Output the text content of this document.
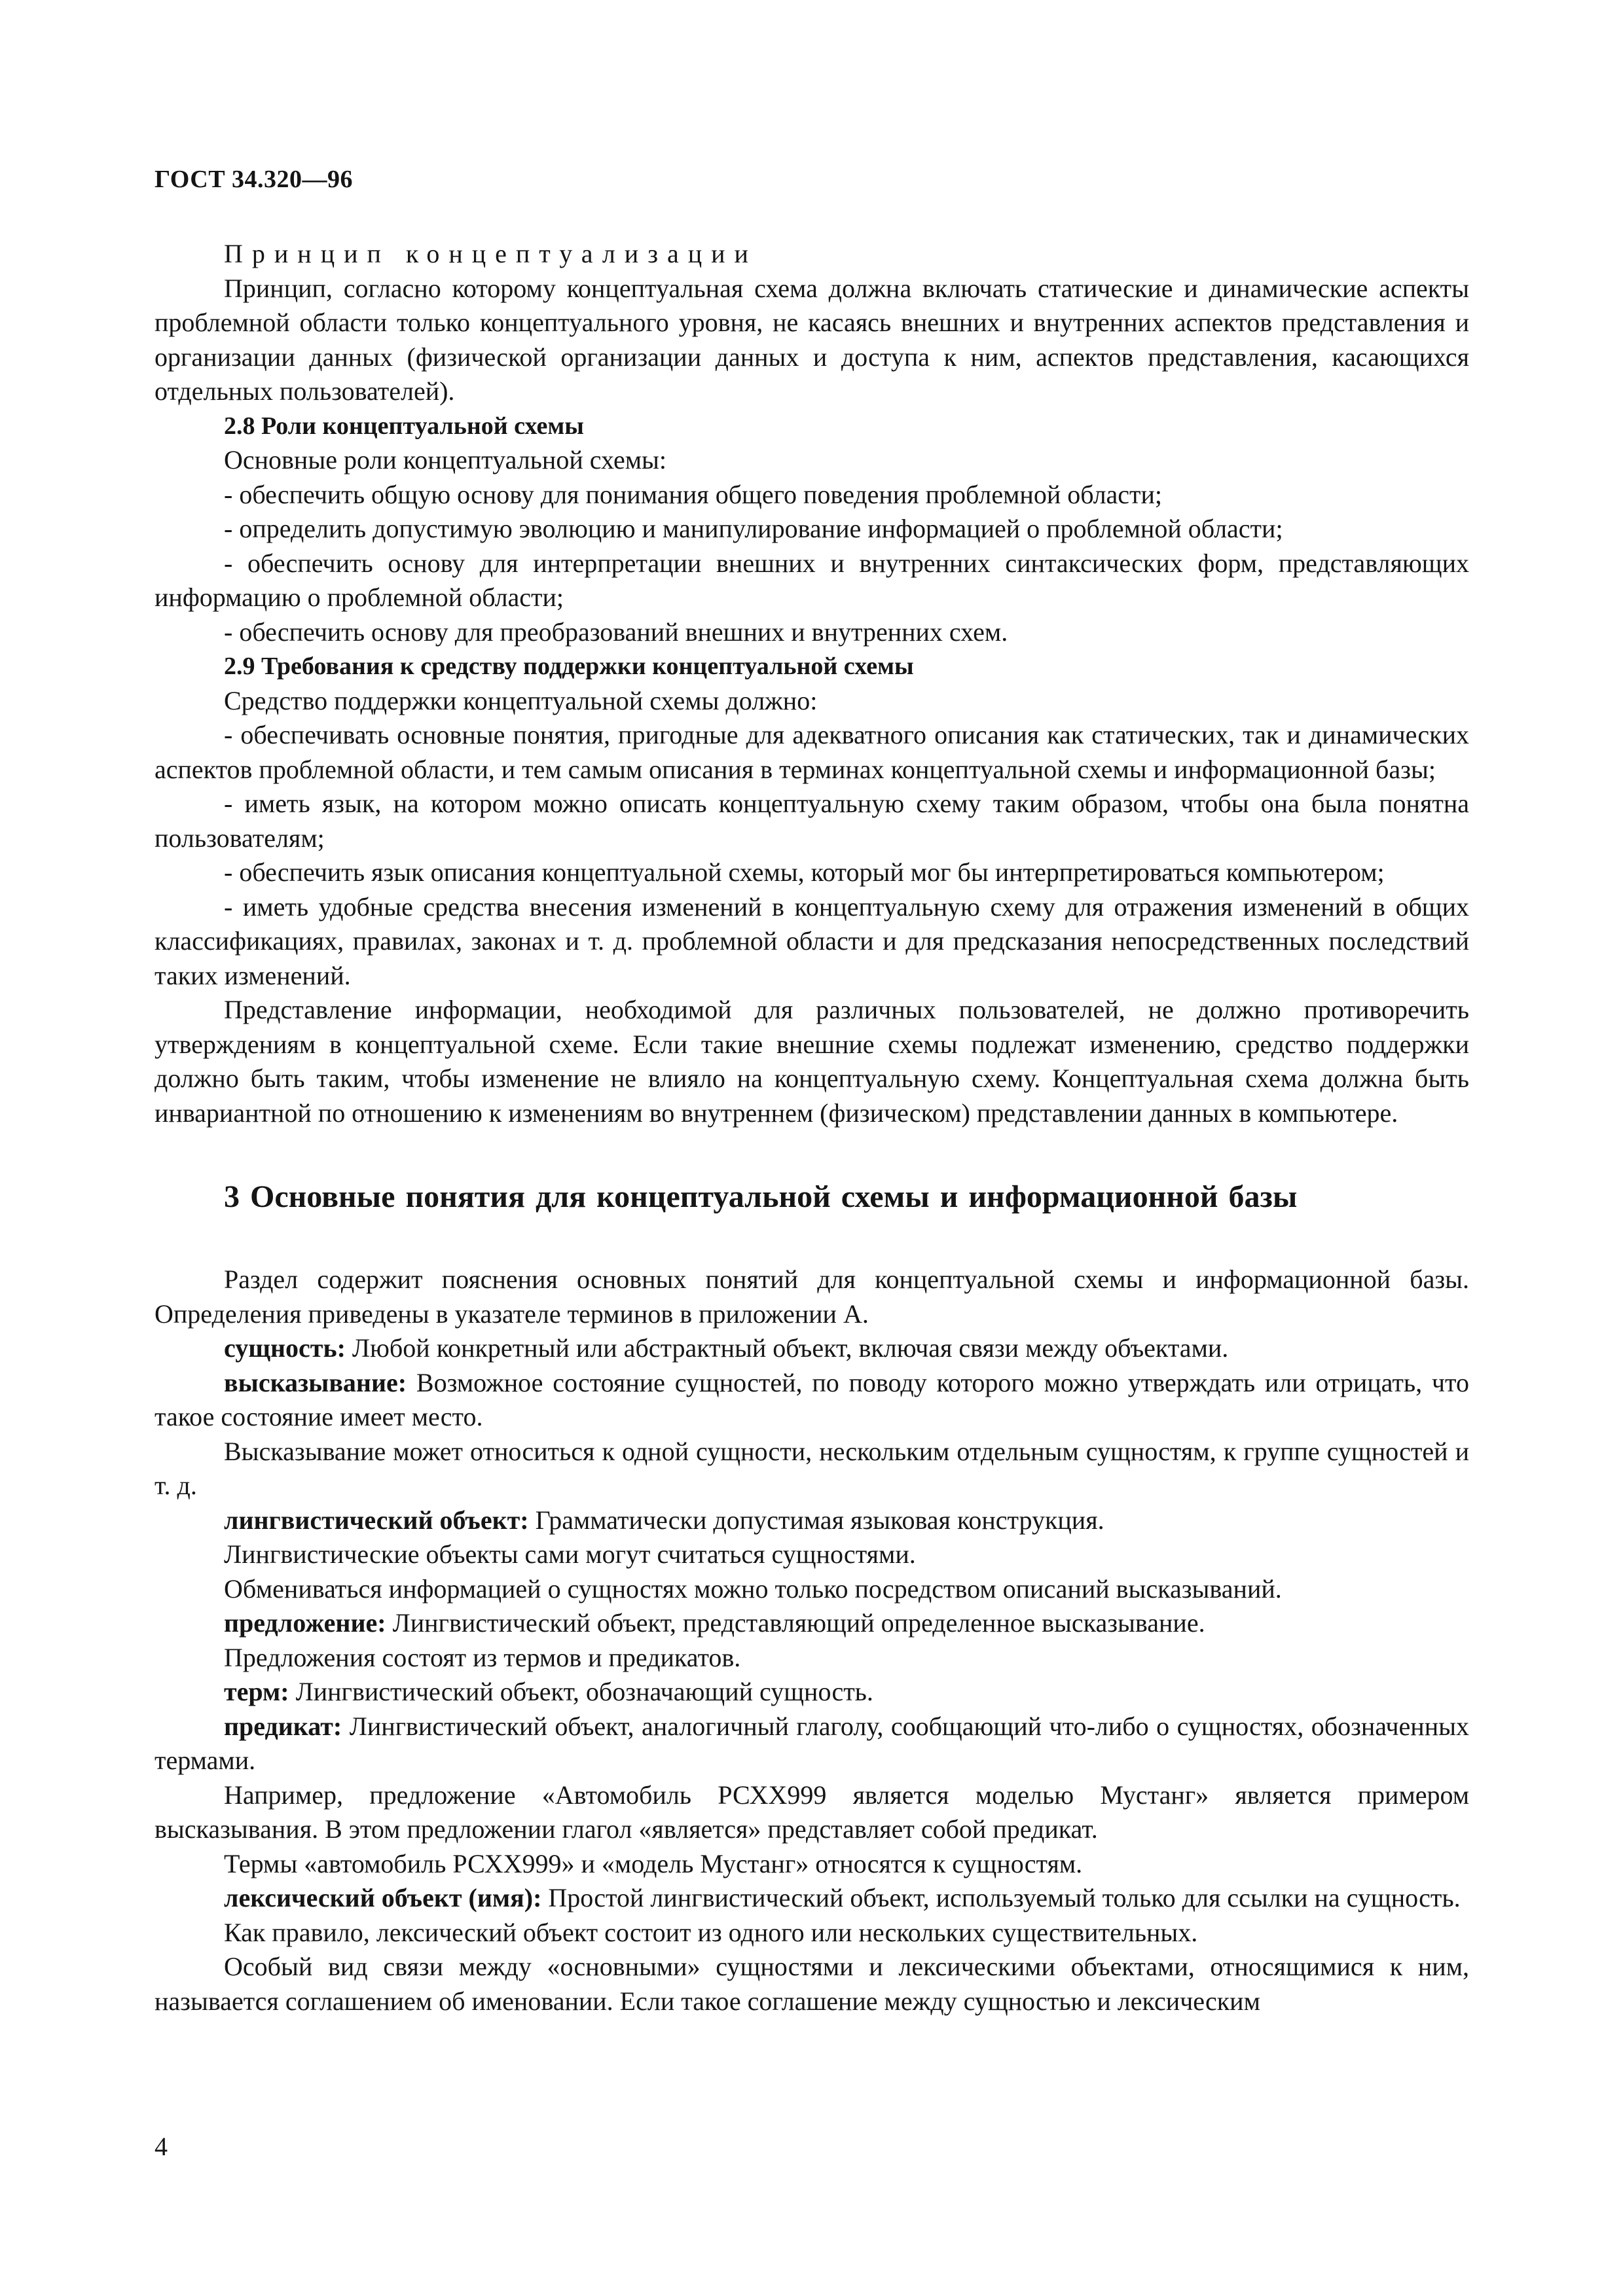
ГОСТ 34.320—96

Принцип концептуализации

Принцип, согласно которому концептуальная схема должна включать статические и динамические аспекты проблемной области только концептуального уровня, не касаясь внешних и внутренних аспектов представления и организации данных (физической организации данных и доступа к ним, аспектов представления, касающихся отдельных пользователей).

2.8 Роли концептуальной схемы

Основные роли концептуальной схемы:

- обеспечить общую основу для понимания общего поведения проблемной области;

- определить допустимую эволюцию и манипулирование информацией о проблемной области;

- обеспечить основу для интерпретации внешних и внутренних синтаксических форм, представляющих информацию о проблемной области;

- обеспечить основу для преобразований внешних и внутренних схем.

2.9 Требования к средству поддержки концептуальной схемы

Средство поддержки концептуальной схемы должно:

- обеспечивать основные понятия, пригодные для адекватного описания как статических, так и динамических аспектов проблемной области, и тем самым описания в терминах концептуальной схемы и информационной базы;

- иметь язык, на котором можно описать концептуальную схему таким образом, чтобы она была понятна пользователям;

- обеспечить язык описания концептуальной схемы, который мог бы интерпретироваться компьютером;

- иметь удобные средства внесения изменений в концептуальную схему для отражения изменений в общих классификациях, правилах, законах и т. д. проблемной области и для предсказания непосредственных последствий таких изменений.

Представление информации, необходимой для различных пользователей, не должно противоречить утверждениям в концептуальной схеме. Если такие внешние схемы подлежат изменению, средство поддержки должно быть таким, чтобы изменение не влияло на концептуальную схему. Концептуальная схема должна быть инвариантной по отношению к изменениям во внутреннем (физическом) представлении данных в компьютере.

3 Основные понятия для концептуальной схемы и информационной базы

Раздел содержит пояснения основных понятий для концептуальной схемы и информационной базы. Определения приведены в указателе терминов в приложении А.

сущность: Любой конкретный или абстрактный объект, включая связи между объектами.

высказывание: Возможное состояние сущностей, по поводу которого можно утверждать или отрицать, что такое состояние имеет место.

Высказывание может относиться к одной сущности, нескольким отдельным сущностям, к группе сущностей и т. д.

лингвистический объект: Грамматически допустимая языковая конструкция.

Лингвистические объекты сами могут считаться сущностями.

Обмениваться информацией о сущностях можно только посредством описаний высказываний.

предложение: Лингвистический объект, представляющий определенное высказывание.

Предложения состоят из термов и предикатов.

терм: Лингвистический объект, обозначающий сущность.

предикат: Лингвистический объект, аналогичный глаголу, сообщающий что-либо о сущностях, обозначенных термами.

Например, предложение «Автомобиль РСХХ999 является моделью Мустанг» является примером высказывания. В этом предложении глагол «является» представляет собой предикат.

Термы «автомобиль РСХХ999» и «модель Мустанг» относятся к сущностям.

лексический объект (имя): Простой лингвистический объект, используемый только для ссылки на сущность.

Как правило, лексический объект состоит из одного или нескольких существительных.

Особый вид связи между «основными» сущностями и лексическими объектами, относящимися к ним, называется соглашением об именовании. Если такое соглашение между сущностью и лексическим

4
